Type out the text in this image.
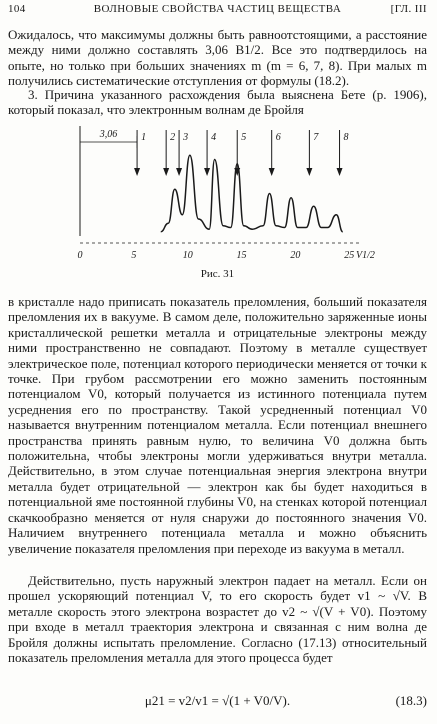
104	ВОЛНОВЫЕ СВОЙСТВА ЧАСТИЦ ВЕЩЕСТВА	[ГЛ. III

Ожидалось, что максимумы должны быть равноотстоящими, а расстояние между ними должно составлять 3,06 В1/2. Все это подтвердилось на опыте, но только при больших значениях m (m = 6, 7, 8). При малых m получились систематические отступления от формулы (18.2).

3. Причина указанного расхождения была выяснена Бете (р. 1906), который показал, что электронным волнам де Бройля

3,06 1 2 3 4	5	6	7	8
0	5	10	15	20	25 V1/2
Рис. 31

в кристалле надо приписать показатель преломления, больший показателя преломления их в вакууме. В самом деле, положительно заряженные ионы кристаллической решетки металла и отрицательные электроны между ними пространственно не совпадают. Поэтому в металле существует электрическое поле, потенциал которого периодически меняется от точки к точке. При грубом рассмотрении его можно заменить постоянным потенциалом V0, который получается из истинного потенциала путем усреднения его по пространству. Такой усредненный потенциал V0 называется внутренним потенциалом металла. Если потенциал внешнего пространства принять равным нулю, то величина V0 должна быть положительна, чтобы электроны могли удерживаться внутри металла. Действительно, в этом случае потенциальная энергия электрона внутри металла будет отрицательной — электрон как бы будет находиться в потенциальной яме постоянной глубины V0, на стенках которой потенциал скачкообразно меняется от нуля снаружи до постоянного значения V0. Наличием внутреннего потенциала металла и можно объяснить увеличение показателя преломления при переходе из вакуума в металл.

Действительно, пусть наружный электрон падает на металл. Если он прошел ускоряющий потенциал V, то его скорость будет v1 ~ √V. В металле скорость этого электрона возрастет до v2 ~ √(V + V0). Поэтому при входе в металл траектория электрона и связанная с ним волна де Бройля должны испытать преломление. Согласно (17.13) относительный показатель преломления металла для этого процесса будет

μ21 = v2/v1 = √(1 + V0/V).	(18.3)
